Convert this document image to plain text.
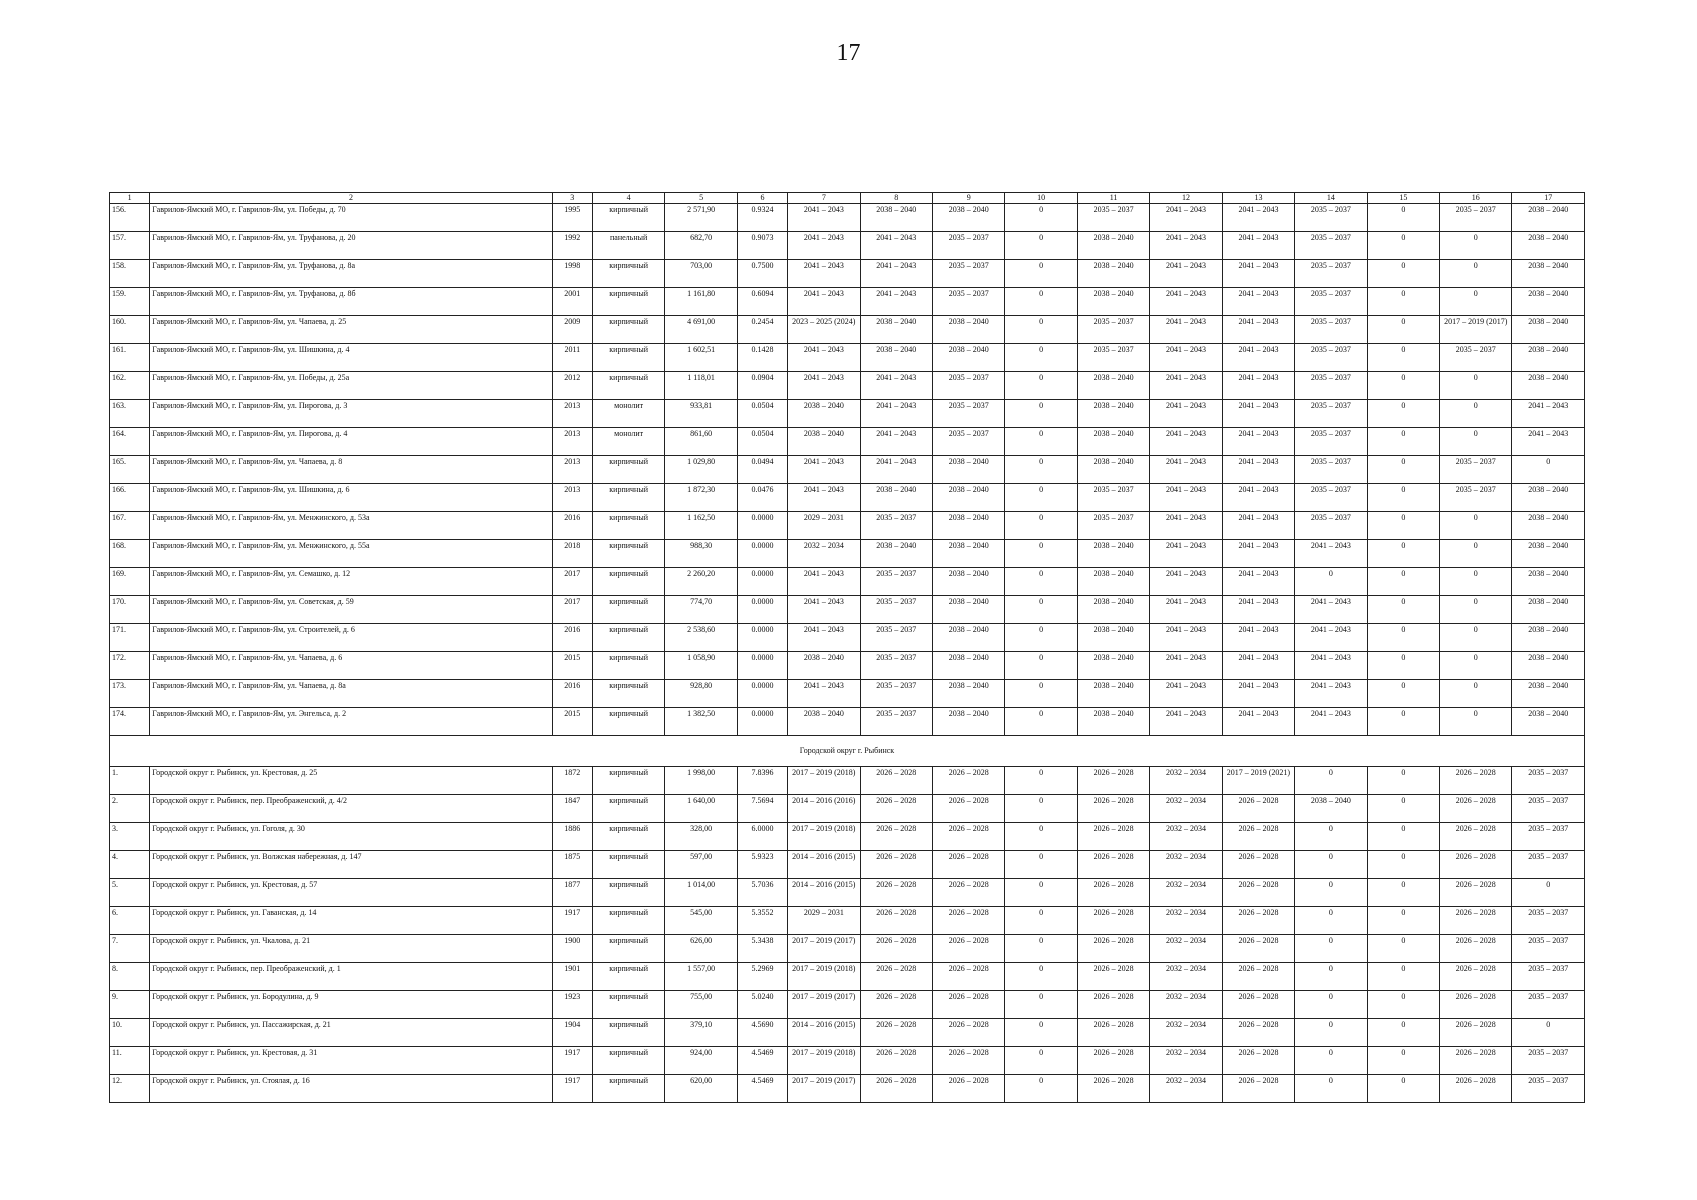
17
1	2	3	4	5	6	7	8	9	10	11	12	13	14	15	16	17
156.	Гаврилов-Ямский МО, г. Гаврилов-Ям, ул. Победы, д. 70	1995	кирпичный	2 571,90	0.9324	2041 – 2043	2038 – 2040	2038 – 2040	0	2035 – 2037	2041 – 2043	2041 – 2043	2035 – 2037	0	2035 – 2037	2038 – 2040
157.	Гаврилов-Ямский МО, г. Гаврилов-Ям, ул. Труфанова, д. 20	1992	панельный	682,70	0.9073	2041 – 2043	2041 – 2043	2035 – 2037	0	2038 – 2040	2041 – 2043	2041 – 2043	2035 – 2037	0	0	2038 – 2040
158.	Гаврилов-Ямский МО, г. Гаврилов-Ям, ул. Труфанова, д. 8а	1998	кирпичный	703,00	0.7500	2041 – 2043	2041 – 2043	2035 – 2037	0	2038 – 2040	2041 – 2043	2041 – 2043	2035 – 2037	0	0	2038 – 2040
159.	Гаврилов-Ямский МО, г. Гаврилов-Ям, ул. Труфанова, д. 8б	2001	кирпичный	1 161,80	0.6094	2041 – 2043	2041 – 2043	2035 – 2037	0	2038 – 2040	2041 – 2043	2041 – 2043	2035 – 2037	0	0	2038 – 2040
160.	Гаврилов-Ямский МО, г. Гаврилов-Ям, ул. Чапаева, д. 25	2009	кирпичный	4 691,00	0.2454	2023 – 2025 (2024)	2038 – 2040	2038 – 2040	0	2035 – 2037	2041 – 2043	2041 – 2043	2035 – 2037	0	2017 – 2019 (2017)	2038 – 2040
161.	Гаврилов-Ямский МО, г. Гаврилов-Ям, ул. Шишкина, д. 4	2011	кирпичный	1 602,51	0.1428	2041 – 2043	2038 – 2040	2038 – 2040	0	2035 – 2037	2041 – 2043	2041 – 2043	2035 – 2037	0	2035 – 2037	2038 – 2040
162.	Гаврилов-Ямский МО, г. Гаврилов-Ям, ул. Победы, д. 25а	2012	кирпичный	1 118,01	0.0904	2041 – 2043	2041 – 2043	2035 – 2037	0	2038 – 2040	2041 – 2043	2041 – 2043	2035 – 2037	0	0	2038 – 2040
163.	Гаврилов-Ямский МО, г. Гаврилов-Ям, ул. Пирогова, д. 3	2013	монолит	933,81	0.0504	2038 – 2040	2041 – 2043	2035 – 2037	0	2038 – 2040	2041 – 2043	2041 – 2043	2035 – 2037	0	0	2041 – 2043
164.	Гаврилов-Ямский МО, г. Гаврилов-Ям, ул. Пирогова, д. 4	2013	монолит	861,60	0.0504	2038 – 2040	2041 – 2043	2035 – 2037	0	2038 – 2040	2041 – 2043	2041 – 2043	2035 – 2037	0	0	2041 – 2043
165.	Гаврилов-Ямский МО, г. Гаврилов-Ям, ул. Чапаева, д. 8	2013	кирпичный	1 029,80	0.0494	2041 – 2043	2041 – 2043	2038 – 2040	0	2038 – 2040	2041 – 2043	2041 – 2043	2035 – 2037	0	2035 – 2037	0
166.	Гаврилов-Ямский МО, г. Гаврилов-Ям, ул. Шишкина, д. 6	2013	кирпичный	1 872,30	0.0476	2041 – 2043	2038 – 2040	2038 – 2040	0	2035 – 2037	2041 – 2043	2041 – 2043	2035 – 2037	0	2035 – 2037	2038 – 2040
167.	Гаврилов-Ямский МО, г. Гаврилов-Ям, ул. Менжинского, д. 53а	2016	кирпичный	1 162,50	0.0000	2029 – 2031	2035 – 2037	2038 – 2040	0	2035 – 2037	2041 – 2043	2041 – 2043	2035 – 2037	0	0	2038 – 2040
168.	Гаврилов-Ямский МО, г. Гаврилов-Ям, ул. Менжинского, д. 55а	2018	кирпичный	988,30	0.0000	2032 – 2034	2038 – 2040	2038 – 2040	0	2038 – 2040	2041 – 2043	2041 – 2043	2041 – 2043	0	0	2038 – 2040
169.	Гаврилов-Ямский МО, г. Гаврилов-Ям, ул. Семашко, д. 12	2017	кирпичный	2 260,20	0.0000	2041 – 2043	2035 – 2037	2038 – 2040	0	2038 – 2040	2041 – 2043	2041 – 2043	0	0	0	2038 – 2040
170.	Гаврилов-Ямский МО, г. Гаврилов-Ям, ул. Советская, д. 59	2017	кирпичный	774,70	0.0000	2041 – 2043	2035 – 2037	2038 – 2040	0	2038 – 2040	2041 – 2043	2041 – 2043	2041 – 2043	0	0	2038 – 2040
171.	Гаврилов-Ямский МО, г. Гаврилов-Ям, ул. Строителей, д. 6	2016	кирпичный	2 538,60	0.0000	2041 – 2043	2035 – 2037	2038 – 2040	0	2038 – 2040	2041 – 2043	2041 – 2043	2041 – 2043	0	0	2038 – 2040
172.	Гаврилов-Ямский МО, г. Гаврилов-Ям, ул. Чапаева, д. 6	2015	кирпичный	1 058,90	0.0000	2038 – 2040	2035 – 2037	2038 – 2040	0	2038 – 2040	2041 – 2043	2041 – 2043	2041 – 2043	0	0	2038 – 2040
173.	Гаврилов-Ямский МО, г. Гаврилов-Ям, ул. Чапаева, д. 8а	2016	кирпичный	928,80	0.0000	2041 – 2043	2035 – 2037	2038 – 2040	0	2038 – 2040	2041 – 2043	2041 – 2043	2041 – 2043	0	0	2038 – 2040
174.	Гаврилов-Ямский МО, г. Гаврилов-Ям, ул. Энгельса, д. 2	2015	кирпичный	1 382,50	0.0000	2038 – 2040	2035 – 2037	2038 – 2040	0	2038 – 2040	2041 – 2043	2041 – 2043	2041 – 2043	0	0	2038 – 2040
Городской округ г. Рыбинск																
1.	Городской округ г. Рыбинск, ул. Крестовая, д. 25	1872	кирпичный	1 998,00	7.8396	2017 – 2019 (2018)	2026 – 2028	2026 – 2028	0	2026 – 2028	2032 – 2034	2017 – 2019 (2021)	0	0	2026 – 2028	2035 – 2037
2.	Городской округ г. Рыбинск, пер. Преображенский, д. 4/2	1847	кирпичный	1 640,00	7.5694	2014 – 2016 (2016)	2026 – 2028	2026 – 2028	0	2026 – 2028	2032 – 2034	2026 – 2028	2038 – 2040	0	2026 – 2028	2035 – 2037
3.	Городской округ г. Рыбинск, ул. Гоголя, д. 30	1886	кирпичный	328,00	6.0000	2017 – 2019 (2018)	2026 – 2028	2026 – 2028	0	2026 – 2028	2032 – 2034	2026 – 2028	0	0	2026 – 2028	2035 – 2037
4.	Городской округ г. Рыбинск, ул. Волжская набережная, д. 147	1875	кирпичный	597,00	5.9323	2014 – 2016 (2015)	2026 – 2028	2026 – 2028	0	2026 – 2028	2032 – 2034	2026 – 2028	0	0	2026 – 2028	2035 – 2037
5.	Городской округ г. Рыбинск, ул. Крестовая, д. 57	1877	кирпичный	1 014,00	5.7036	2014 – 2016 (2015)	2026 – 2028	2026 – 2028	0	2026 – 2028	2032 – 2034	2026 – 2028	0	0	2026 – 2028	0
6.	Городской округ г. Рыбинск, ул. Гаванская, д. 14	1917	кирпичный	545,00	5.3552	2029 – 2031	2026 – 2028	2026 – 2028	0	2026 – 2028	2032 – 2034	2026 – 2028	0	0	2026 – 2028	2035 – 2037
7.	Городской округ г. Рыбинск, ул. Чкалова, д. 21	1900	кирпичный	626,00	5.3438	2017 – 2019 (2017)	2026 – 2028	2026 – 2028	0	2026 – 2028	2032 – 2034	2026 – 2028	0	0	2026 – 2028	2035 – 2037
8.	Городской округ г. Рыбинск, пер. Преображенский, д. 1	1901	кирпичный	1 557,00	5.2969	2017 – 2019 (2018)	2026 – 2028	2026 – 2028	0	2026 – 2028	2032 – 2034	2026 – 2028	0	0	2026 – 2028	2035 – 2037
9.	Городской округ г. Рыбинск, ул. Бородулина, д. 9	1923	кирпичный	755,00	5.0240	2017 – 2019 (2017)	2026 – 2028	2026 – 2028	0	2026 – 2028	2032 – 2034	2026 – 2028	0	0	2026 – 2028	2035 – 2037
10.	Городской округ г. Рыбинск, ул. Пассажирская, д. 21	1904	кирпичный	379,10	4.5690	2014 – 2016 (2015)	2026 – 2028	2026 – 2028	0	2026 – 2028	2032 – 2034	2026 – 2028	0	0	2026 – 2028	0
11.	Городской округ г. Рыбинск, ул. Крестовая, д. 31	1917	кирпичный	924,00	4.5469	2017 – 2019 (2018)	2026 – 2028	2026 – 2028	0	2026 – 2028	2032 – 2034	2026 – 2028	0	0	2026 – 2028	2035 – 2037
12.	Городской округ г. Рыбинск, ул. Стоялая, д. 16	1917	кирпичный	620,00	4.5469	2017 – 2019 (2017)	2026 – 2028	2026 – 2028	0	2026 – 2028	2032 – 2034	2026 – 2028	0	0	2026 – 2028	2035 – 2037
